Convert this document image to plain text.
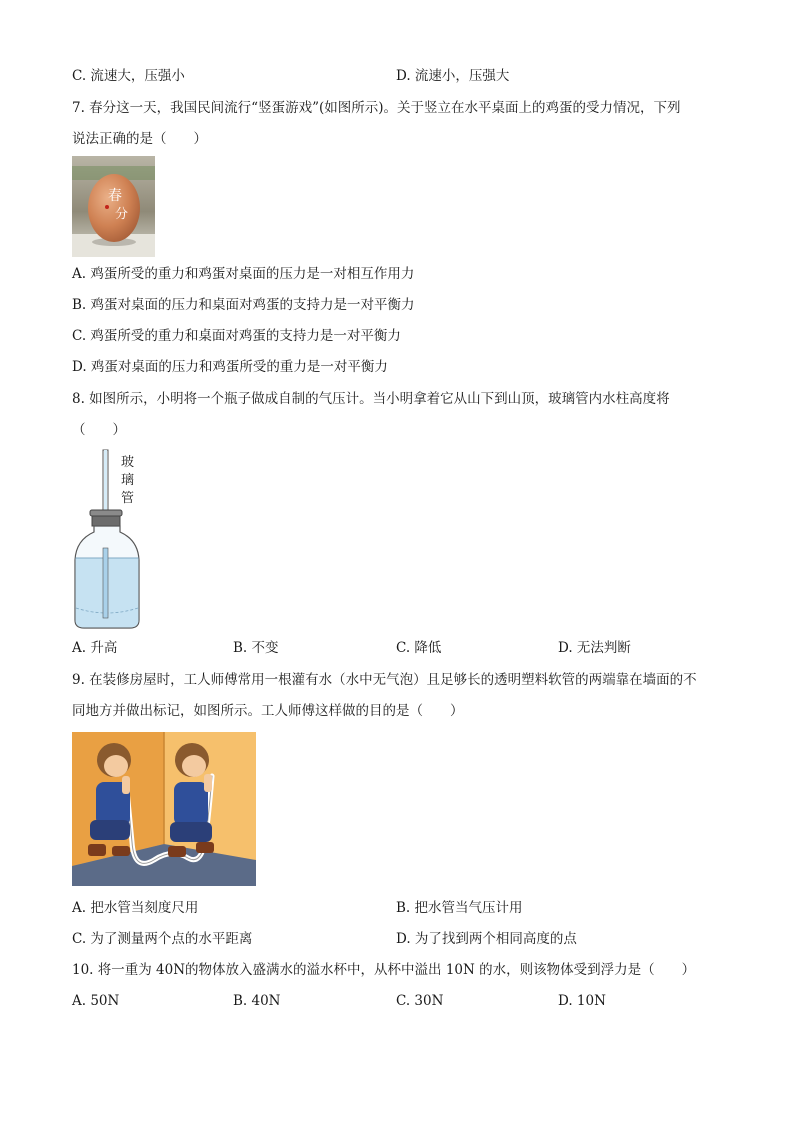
C. 流速大，压强小	D. 流速小，压强大
7. 春分这一天，我国民间流行“竖蛋游戏”(如图所示)。关于竖立在水平桌面上的鸡蛋的受力情况，下列
说法正确的是（　　）
春
分
A. 鸡蛋所受的重力和鸡蛋对桌面的压力是一对相互作用力
B. 鸡蛋对桌面的压力和桌面对鸡蛋的支持力是一对平衡力
C. 鸡蛋所受的重力和桌面对鸡蛋的支持力是一对平衡力
D. 鸡蛋对桌面的压力和鸡蛋所受的重力是一对平衡力
8. 如图所示，小明将一个瓶子做成自制的气压计。当小明拿着它从山下到山顶，玻璃管内水柱高度将
（　　）
玻
璃
管
A. 升高	B. 不变	C. 降低	D. 无法判断
9. 在装修房屋时，工人师傅常用一根灌有水（水中无气泡）且足够长的透明塑料软管的两端靠在墙面的不
同地方并做出标记，如图所示。工人师傅这样做的目的是（　　）
A. 把水管当刻度尺用	B. 把水管当气压计用
C. 为了测量两个点的水平距离	D. 为了找到两个相同高度的点
10. 将一重为 40N的物体放入盛满水的溢水杯中，从杯中溢出 10N 的水，则该物体受到浮力是（　　）
A. 50N	B. 40N	C. 30N	D. 10N
